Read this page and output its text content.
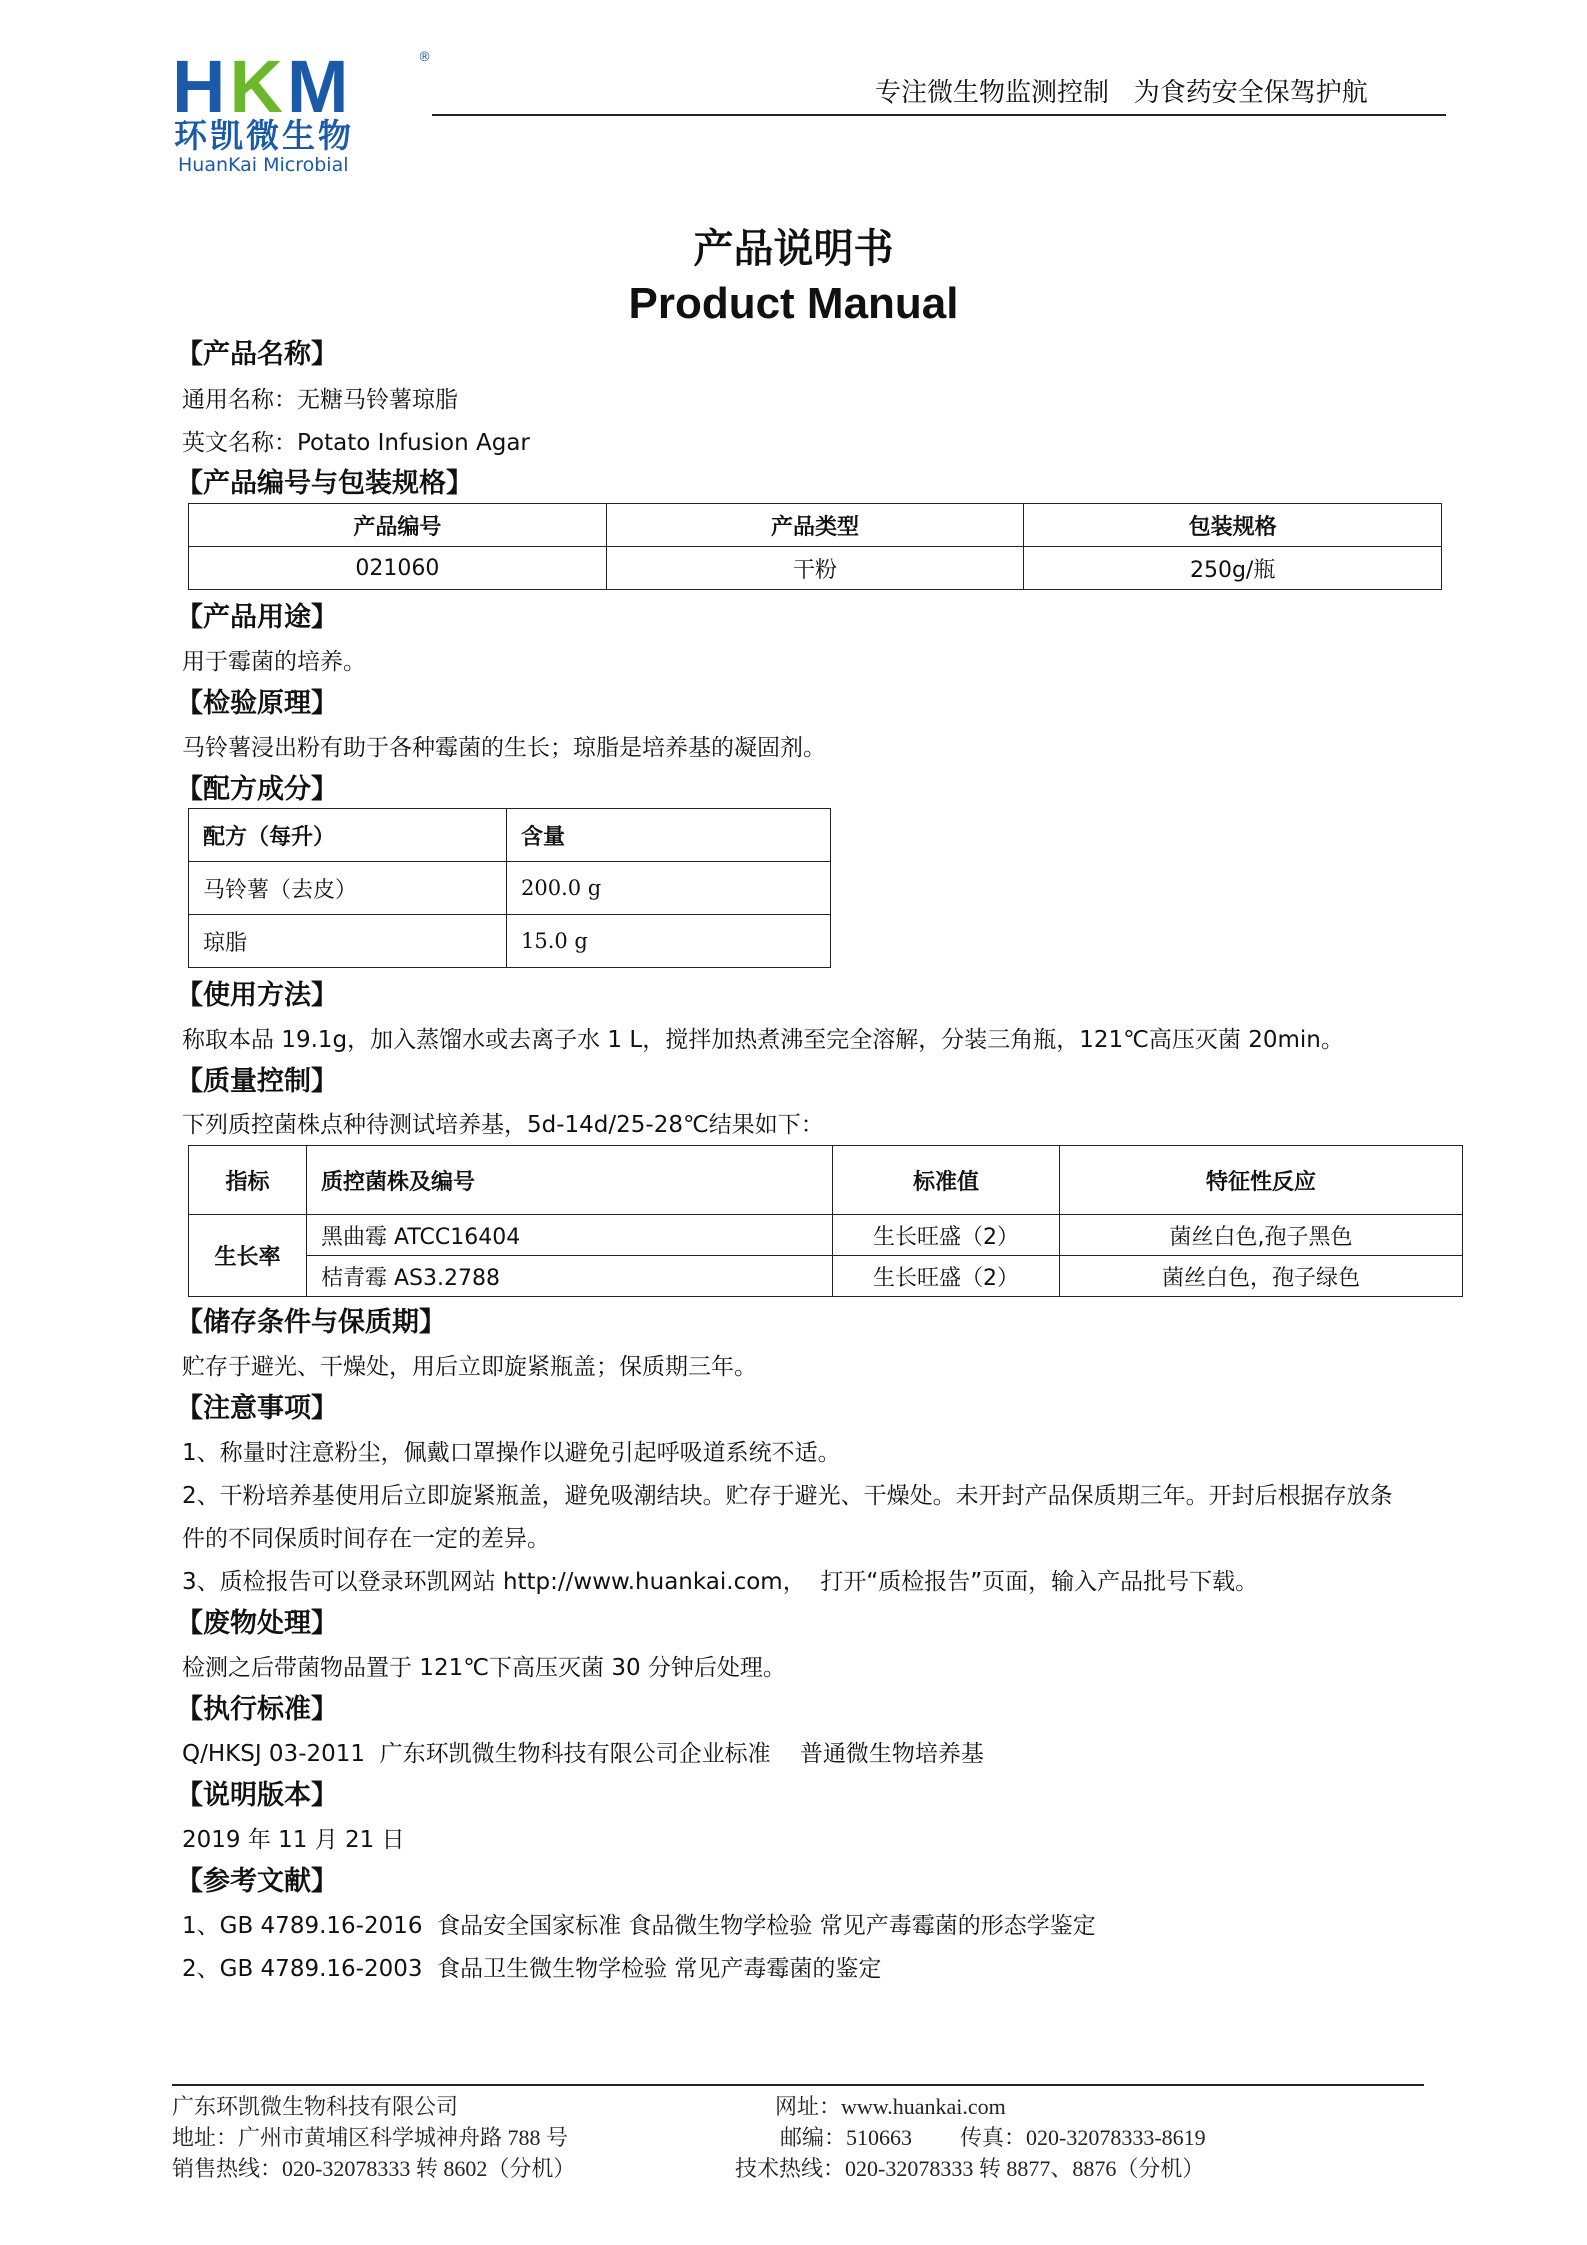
HKM	®
环凯微生物
HuanKai Microbial
专注微生物监测控制   为食药安全保驾护航
产品说明书
Product Manual
【产品名称】
通用名称：无糖马铃薯琼脂
英文名称：Potato Infusion Agar
【产品编号与包装规格】
产品编号	产品类型	包装规格
021060	干粉	250g/瓶
【产品用途】
用于霉菌的培养。
【检验原理】
马铃薯浸出粉有助于各种霉菌的生长；琼脂是培养基的凝固剂。
【配方成分】
配方（每升）	含量
马铃薯（去皮）	200.0 g
琼脂	15.0 g
【使用方法】
称取本品 19.1g，加入蒸馏水或去离子水 1 L，搅拌加热煮沸至完全溶解，分装三角瓶，121℃高压灭菌 20min。
【质量控制】
下列质控菌株点种待测试培养基，5d-14d/25-28℃结果如下：
指标	质控菌株及编号	标准值	特征性反应
生长率	黑曲霉 ATCC16404	生长旺盛（2）	菌丝白色,孢子黑色
	桔青霉 AS3.2788	生长旺盛（2）	菌丝白色，孢子绿色
【储存条件与保质期】
贮存于避光、干燥处，用后立即旋紧瓶盖；保质期三年。
【注意事项】
1、称量时注意粉尘，佩戴口罩操作以避免引起呼吸道系统不适。
2、干粉培养基使用后立即旋紧瓶盖，避免吸潮结块。贮存于避光、干燥处。未开封产品保质期三年。开封后根据存放条
件的不同保质时间存在一定的差异。
3、质检报告可以登录环凯网站 http://www.huankai.com，  打开“质检报告”页面，输入产品批号下载。
【废物处理】
检测之后带菌物品置于 121℃下高压灭菌 30 分钟后处理。
【执行标准】
Q/HKSJ 03-2011  广东环凯微生物科技有限公司企业标准    普通微生物培养基
【说明版本】
2019 年 11 月 21 日
【参考文献】
1、GB 4789.16-2016  食品安全国家标准 食品微生物学检验 常见产毒霉菌的形态学鉴定
2、GB 4789.16-2003  食品卫生微生物学检验 常见产毒霉菌的鉴定
广东环凯微生物科技有限公司
地址：广州市黄埔区科学城神舟路 788 号
销售热线：020-32078333 转 8602（分机）
网址：www.huankai.com
邮编：510663 传真：020-32078333-8619
技术热线：020-32078333 转 8877、8876（分机）
